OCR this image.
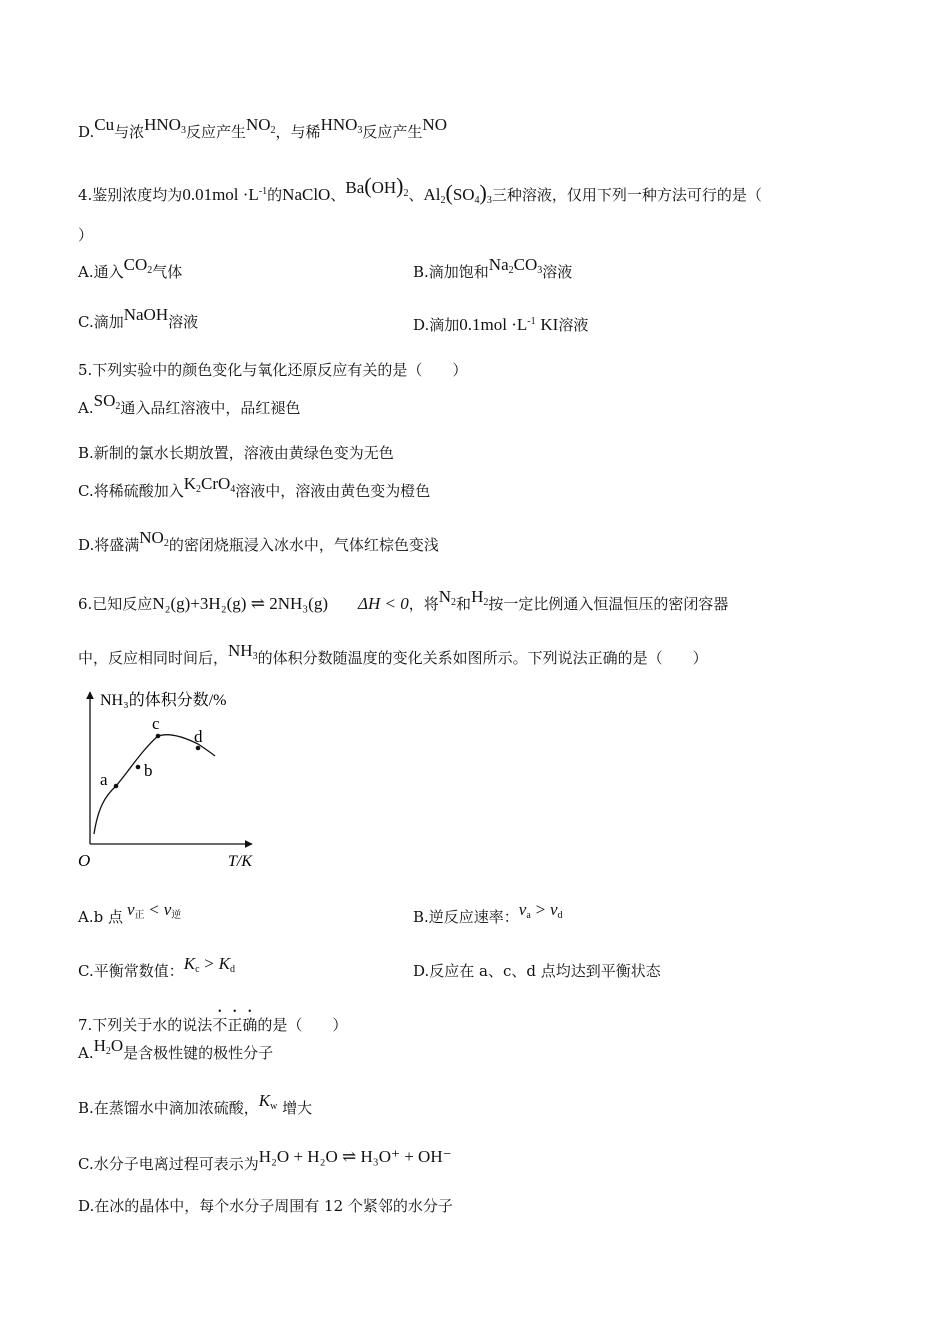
D.Cu与浓$HNO_3$反应产生$NO_2$，与稀$HNO_3$反应产生NO
4.鉴别浓度均为$0.01mol \cdot L^{-1}$的NaClO、$Ba(OH)_2$、$Al_2(SO_4)_3$三种溶液，仅用下列一种方法可行的是（
）
A.通入$CO_2$气体	B.滴加饱和$Na_2CO_3$溶液
C.滴加NaOH溶液	D.滴加$0.1mol \cdot L^{-1}$ KI溶液
5.下列实验中的颜色变化与氧化还原反应有关的是（　　）
$A.SO_2$通入品红溶液中，品红褪色
B.新制的氯水长期放置，溶液由黄绿色变为无色
C.将稀硫酸加入$K_2CrO_4$溶液中，溶液由黄色变为橙色
D.将盛满$NO_2$的密闭烧瓶浸入冰水中，气体红棕色变浅
6.已知反应N₂(g)+3H₂(g) ⇌ 2NH₃(g)　　 ΔH < 0，将$N_2$和$H_2$按一定比例通入恒温恒压的密闭容器
中，反应相同时间后，$NH_3$的体积分数随温度的变化关系如图所示。下列说法正确的是（　　）
a b
c
d
NH₃的体积分数/%
T/K
O
A.b 点 $v_正 < v_逆$	B.逆反应速率：$v_a > v_d$
C.平衡常数值：$K_c > K_d$	D.反应在 a、c、d 点均达到平衡状态
7.下列关于水的说法不正确的是（　　）
$A.H_2O$是含极性键的极性分子
B.在蒸馏水中滴加浓硫酸，$K_w$ 增大
C.水分子电离过程可表示为H₂O + H₂O ⇌ H₃O⁺ + OH⁻
D.在冰的晶体中，每个水分子周围有 12 个紧邻的水分子
